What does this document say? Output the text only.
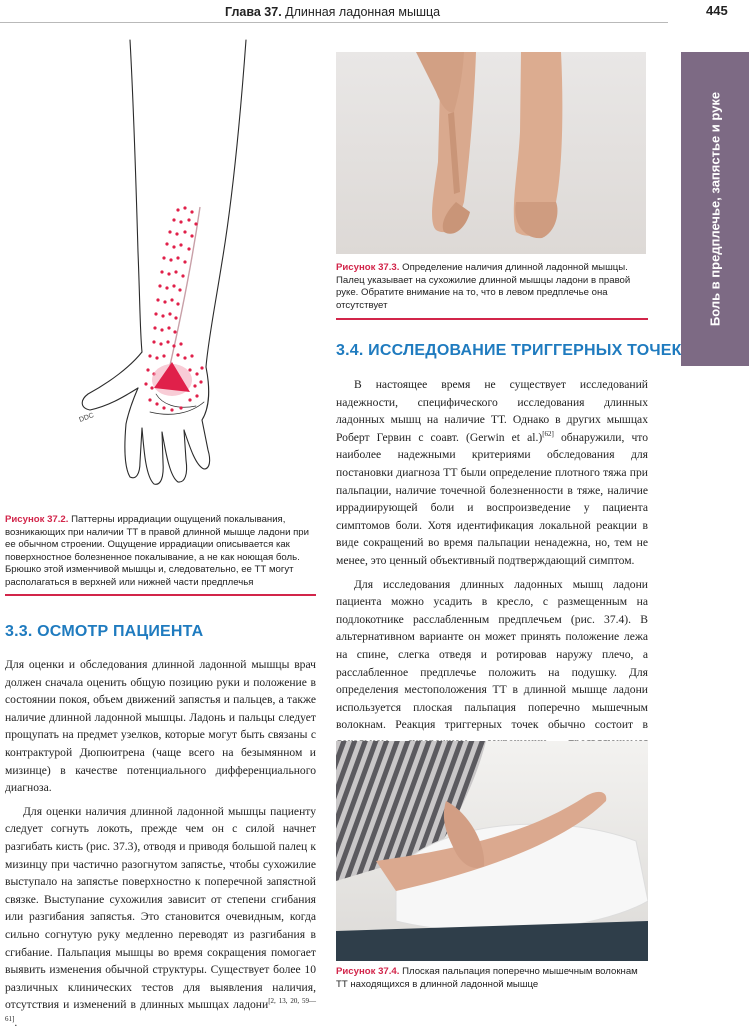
Глава 37. Длинная ладонная мышца	445
Боль в предплечье, запястье и руке
DDC
Рисунок 37.2. Паттерны иррадиации ощущений покалывания, возникающих при наличии ТТ в правой длинной мышце ладони при ее обычном строении. Ощущение иррадиации описывается как поверхностное болезненное покалывание, а не как ноющая боль. Брюшко этой изменчивой мышцы и, следовательно, ее ТТ могут располагаться в верхней или нижней части предплечья
Рисунок 37.3. Определение наличия длинной ладонной мышцы. Палец указывает на сухожилие длинной мышцы ладони в правой руке. Обратите внимание на то, что в левом предплечье она отсутствует
3.4. ИССЛЕДОВАНИЕ ТРИГГЕРНЫХ ТОЧЕК

В настоящее время не существует исследований надежности, специфического исследования длинных ладонных мышц на наличие ТТ. Однако в других мышцах Роберт Гервин с соавт. (Gerwin et al.)[62] обнаружили, что наиболее надежными критериями обследования для постановки диагноза ТТ были определение плотного тяжа при пальпации, наличие точечной болезненности в тяже, наличие иррадиирующей боли и воспроизведение у пациента симптомов боли. Хотя идентификация локальной реакции в виде сокращений во время пальпации ненадежна, но, тем не менее, это ценный объективный подтверждающий симптом.

Для исследования длинных ладонных мышц ладони пациента можно усадить в кресло, с размещенным на подлокотнике расслабленным предплечьем (рис. 37.4). В альтернативном варианте он может принять положение лежа на спине, слегка отведя и ротировав наружу плечо, а расслабленное предплечье положить на подушку. Для определения местоположения ТТ в длинной мышце ладони используется плоская пальпация поперечно мышечным волокнам. Реакция триггерных точек обычно состоит в

3.3. ОСМОТР ПАЦИЕНТА

Для оценки и обследования длинной ладонной мышцы врач должен сначала оценить общую позицию руки и положение в состоянии покоя, объем движений запястья и пальцев, а также наличие длинной ладонной мышцы. Ладонь и пальцы следует прощупать на предмет узелков, которые могут быть связаны с контрактурой Дюпюитрена (чаще всего на безымянном и мизинце) в качестве потенциального дифференциального диагноза.

Для оценки наличия длинной ладонной мышцы пациенту следует согнуть локоть, прежде чем он с силой начнет разгибать кисть (рис. 37.3), отводя и приводя большой палец к мизинцу при частично разогнутом запястье, чтобы сухожилие выступало на запястье поверхностно к поперечной запястной связке. Выступание сухожилия зависит от степени сгибания или разгибания запястья. Это становится очевидным, когда сильно согнутую руку медленно переводят из разгибания в сгибание. Пальпация мышцы во время сокращения помогает выявить изменения обычной структуры. Существует более 10 различных клинических тестов для выявления наличия, отсутствия и изменений в длинных мышцах ладони[2, 13, 20, 59—61].

Рисунок 37.4. Плоская пальпация поперечно мышечным волокнам ТТ находящихся в длинной ладонной мышце
